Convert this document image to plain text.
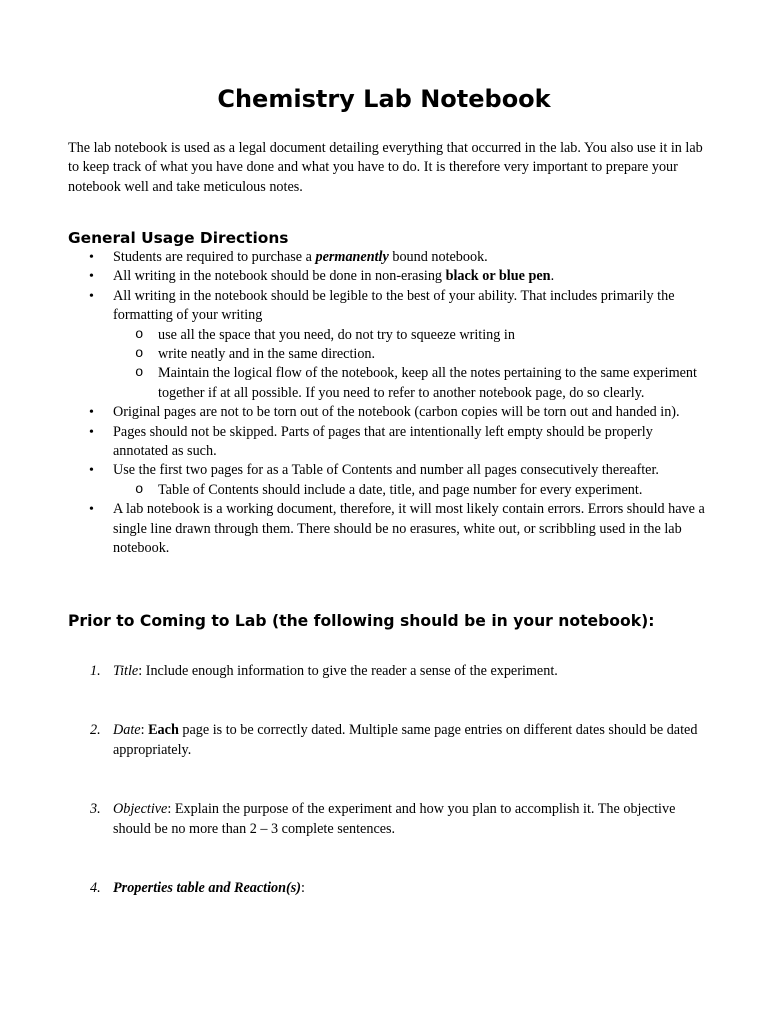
Chemistry Lab Notebook

The lab notebook is used as a legal document detailing everything that occurred in the lab. You also use it in lab to keep track of what you have done and what you have to do. It is therefore very important to prepare your notebook well and take meticulous notes.

General Usage Directions
• Students are required to purchase a permanently bound notebook.
• All writing in the notebook should be done in non-erasing black or blue pen.
• All writing in the notebook should be legible to the best of your ability. That includes primarily the formatting of your writing
o use all the space that you need, do not try to squeeze writing in
o write neatly and in the same direction.
o Maintain the logical flow of the notebook, keep all the notes pertaining to the same experiment together if at all possible. If you need to refer to another notebook page, do so clearly.
• Original pages are not to be torn out of the notebook (carbon copies will be torn out and handed in).
• Pages should not be skipped. Parts of pages that are intentionally left empty should be properly annotated as such.
• Use the first two pages for as a Table of Contents and number all pages consecutively thereafter.
o Table of Contents should include a date, title, and page number for every experiment.
• A lab notebook is a working document, therefore, it will most likely contain errors. Errors should have a single line drawn through them. There should be no erasures, white out, or scribbling used in the lab notebook.
Prior to Coming to Lab (the following should be in your notebook):
1. Title: Include enough information to give the reader a sense of the experiment.
2. Date: Each page is to be correctly dated. Multiple same page entries on different dates should be dated appropriately.
3. Objective: Explain the purpose of the experiment and how you plan to accomplish it. The objective should be no more than 2 – 3 complete sentences.
4. Properties table and Reaction(s):
